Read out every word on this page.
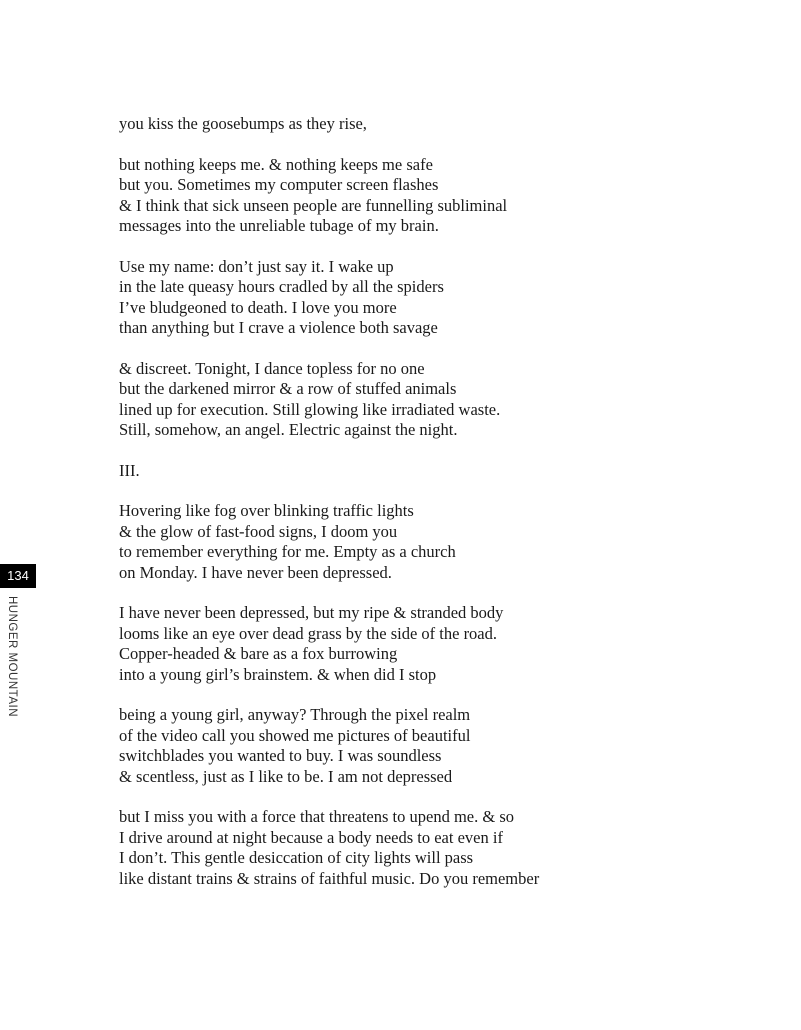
you kiss the goosebumps as they rise,
but nothing keeps me. & nothing keeps me safe
but you. Sometimes my computer screen flashes
& I think that sick unseen people are funnelling subliminal
messages into the unreliable tubage of my brain.
Use my name: don’t just say it. I wake up
in the late queasy hours cradled by all the spiders
I’ve bludgeoned to death. I love you more
than anything but I crave a violence both savage
& discreet. Tonight, I dance topless for no one
but the darkened mirror & a row of stuffed animals
lined up for execution. Still glowing like irradiated waste.
Still, somehow, an angel. Electric against the night.
III.
Hovering like fog over blinking traffic lights
& the glow of fast-food signs, I doom you
to remember everything for me. Empty as a church
on Monday. I have never been depressed.
I have never been depressed, but my ripe & stranded body
looms like an eye over dead grass by the side of the road.
Copper-headed & bare as a fox burrowing
into a young girl’s brainstem. & when did I stop
being a young girl, anyway? Through the pixel realm
of the video call you showed me pictures of beautiful
switchblades you wanted to buy. I was soundless
& scentless, just as I like to be. I am not depressed
but I miss you with a force that threatens to upend me. & so
I drive around at night because a body needs to eat even if
I don’t. This gentle desiccation of city lights will pass
like distant trains & strains of faithful music. Do you remember
134
HUNGER MOUNTAIN
